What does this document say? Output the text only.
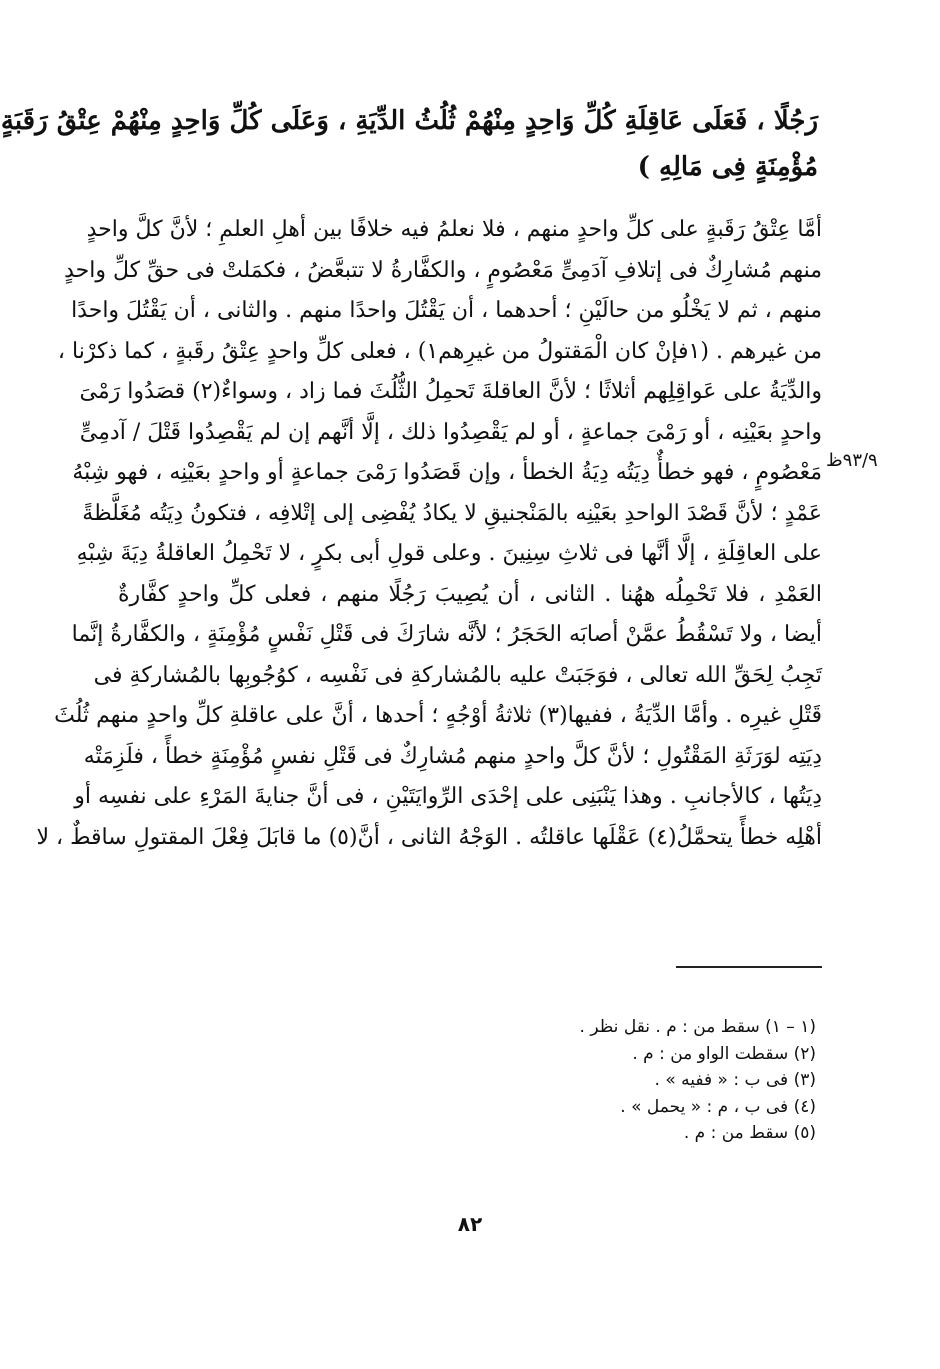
رَجُلًا ، فَعَلَى عَاقِلَةِ كُلِّ وَاحِدٍ مِنْهُمْ ثُلُثُ الدِّيَةِ ، وَعَلَى كُلِّ وَاحِدٍ مِنْهُمْ عِتْقُ رَقَبَةٍ
مُؤْمِنَةٍ فِى مَالِهِ )
أمَّا عِتْقُ رَقَبةٍ على كلِّ واحدٍ منهم ، فلا نعلمُ فيه خلافًا بين أهلِ العلمِ ؛ لأنَّ كلَّ واحدٍ
منهم مُشارِكٌ فى إتلافِ آدَمِىٍّ مَعْصُومٍ ، والكفَّارةُ لا تتبعَّضُ ، فكمَلتْ فى حقِّ كلِّ واحدٍ
منهم ، ثم لا يَخْلُو من حالَيْنِ ؛ أحدهما ، أن يَقْتُلَ واحدًا منهم . والثانى ، أن يَقْتُلَ واحدًا
من غيرهم . (١فإنْ كان الْمَقتولُ من غيرِهم١) ، فعلى كلِّ واحدٍ عِتْقُ رقَبةٍ ، كما ذكرْنا ،
والدِّيَةُ على عَواقِلِهم أثلاثًا ؛ لأنَّ العاقلةَ تَحمِلُ الثُّلُثَ فما زاد ، وسواءٌ(٢) قصَدُوا رَمْىَ
واحدٍ بعَيْنِه ، أو رَمْىَ جماعةٍ ، أو لم يَقْصِدُوا ذلك ، إلَّا أنَّهم إن لم يَقْصِدُوا قَتْلَ / آدمِىٍّ
مَعْصُومٍ ، فهو خطأٌ دِيَتُه دِيَةُ الخطأ ، وإن قَصَدُوا رَمْىَ جماعةٍ أو واحدٍ بعَيْنِه ، فهو شِبْهُ
عَمْدٍ ؛ لأنَّ قَصْدَ الواحدِ بعَيْنِه بالمَنْجنيقِ لا يكادُ يُفْضِى إلى إتْلافِه ، فتكونُ دِيَتُه مُغَلَّظةً
على العاقِلَةِ ، إلَّا أنَّها فى ثلاثِ سِنِينَ . وعلى قولِ أبى بكرٍ ، لا تَحْمِلُ العاقلةُ دِيَةَ شِبْهِ
العَمْدِ ، فلا تَحْمِلُه ههُنا . الثانى ، أن يُصِيبَ رَجُلًا منهم ، فعلى كلِّ واحدٍ كفَّارةٌ
أيضا ، ولا تَسْقُطُ عمَّنْ أصابَه الحَجَرُ ؛ لأنَّه شارَكَ فى قَتْلِ نَفْسٍ مُؤْمِنَةٍ ، والكفَّارةُ إنَّما
تَجِبُ لِحَقِّ الله تعالى ، فوَجَبَتْ عليه بالمُشاركةِ فى نَفْسِه ، كوُجُوبِها بالمُشاركةِ فى
قَتْلِ غيرِه . وأمَّا الدِّيَةُ ، ففيها(٣) ثلاثةُ أوْجُهٍ ؛ أحدها ، أنَّ على عاقلةِ كلِّ واحدٍ منهم ثُلُثَ
دِيَتِه لوَرَثَةِ المَقْتُولِ ؛ لأنَّ كلَّ واحدٍ منهم مُشارِكٌ فى قَتْلِ نفسٍ مُؤْمِنَةٍ خطأً ، فلَزِمَتْه
دِيَتُها ، كالأجانبِ . وهذا يَنْبَنِى على إحْدَى الرِّوايَتَيْنِ ، فى أنَّ جنايةَ المَرْءِ على نفسِه أو
أهْلِه خطأً يتحمَّلُ(٤) عَقْلَها عاقلتُه . الوَجْهُ الثانى ، أنَّ(٥) ما قابَلَ فِعْلَ المقتولِ ساقطٌ ، لا
٩٣/٩ظ
(١ – ١) سقط من : م . نقل نظر .
(٢) سقطت الواو من : م .
(٣) فى ب : « ففيه » .
(٤) فى ب ، م : « يحمل » .
(٥) سقط من : م .
٨٢
